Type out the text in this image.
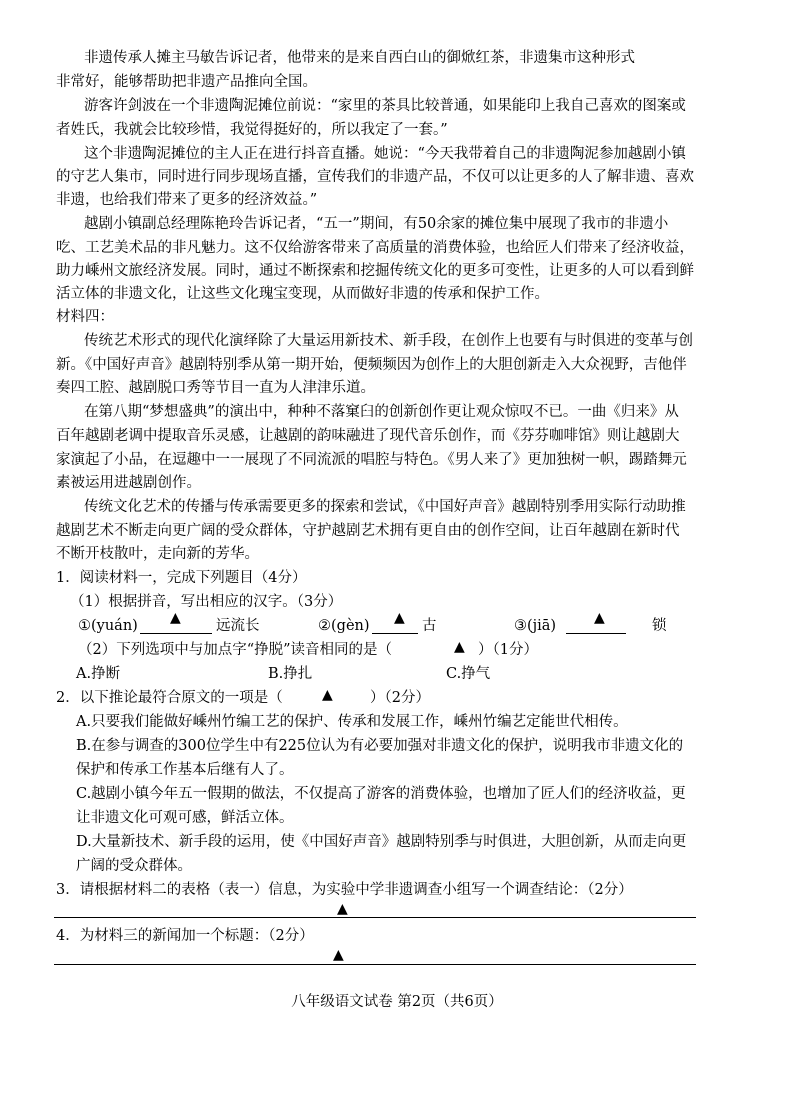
非遗传承人摊主马敏告诉记者，他带来的是来自西白山的御焮红茶，非遗集市这种形式
非常好，能够帮助把非遗产品推向全国。
游客许剑波在一个非遗陶泥摊位前说：“家里的茶具比较普通，如果能印上我自己喜欢的图案或
者姓氏，我就会比较珍惜，我觉得挺好的，所以我定了一套。”
这个非遗陶泥摊位的主人正在进行抖音直播。她说：“今天我带着自己的非遗陶泥参加越剧小镇
的守艺人集市，同时进行同步现场直播，宣传我们的非遗产品，不仅可以让更多的人了解非遗、喜欢
非遗，也给我们带来了更多的经济效益。”
越剧小镇副总经理陈艳玲告诉记者，“五一”期间，有50余家的摊位集中展现了我市的非遗小
吃、工艺美术品的非凡魅力。这不仅给游客带来了高质量的消费体验，也给匠人们带来了经济收益，
助力嵊州文旅经济发展。同时，通过不断探索和挖掘传统文化的更多可变性，让更多的人可以看到鲜
活立体的非遗文化，让这些文化瑰宝变现，从而做好非遗的传承和保护工作。
材料四：
传统艺术形式的现代化演绎除了大量运用新技术、新手段，在创作上也要有与时俱进的变革与创
新。《中国好声音》越剧特别季从第一期开始，便频频因为创作上的大胆创新走入大众视野，吉他伴
奏四工腔、越剧脱口秀等节目一直为人津津乐道。
在第八期“梦想盛典”的演出中，种种不落窠臼的创新创作更让观众惊叹不已。一曲《归来》从
百年越剧老调中提取音乐灵感，让越剧的韵味融进了现代音乐创作，而《芬芬咖啡馆》则让越剧大
家演起了小品，在逗趣中一一展现了不同流派的唱腔与特色。《男人来了》更加独树一帜，踢踏舞元
素被运用进越剧创作。
传统文化艺术的传播与传承需要更多的探索和尝试，《中国好声音》越剧特别季用实际行动助推
越剧艺术不断走向更广阔的受众群体，守护越剧艺术拥有更自由的创作空间，让百年越剧在新时代
不断开枝散叶，走向新的芳华。
1．阅读材料一，完成下列题目（4分）
（1）根据拼音，写出相应的汉字。（3分）
①(yuán) ▲ 远流长	②(gèn) ▲ 古	③(jiā)	▲	锁
（2）下列选项中与加点字“挣脱”读音相同的是（	▲ ）（1分）
A.挣断	B.挣扎	C.挣气
2．以下推论最符合原文的一项是（	▲	）（2分）
A.只要我们能做好嵊州竹编工艺的保护、传承和发展工作，嵊州竹编艺定能世代相传。
B.在参与调查的300位学生中有225位认为有必要加强对非遗文化的保护，说明我市非遗文化的
保护和传承工作基本后继有人了。
C.越剧小镇今年五一假期的做法，不仅提高了游客的消费体验，也增加了匠人们的经济收益，更
让非遗文化可观可感，鲜活立体。
D.大量新技术、新手段的运用，使《中国好声音》越剧特别季与时俱进，大胆创新，从而走向更
广阔的受众群体。
3．请根据材料二的表格（表一）信息，为实验中学非遗调查小组写一个调查结论：（2分）
▲
4．为材料三的新闻加一个标题：（2分）
▲
八年级语文试卷 第2页（共6页）
